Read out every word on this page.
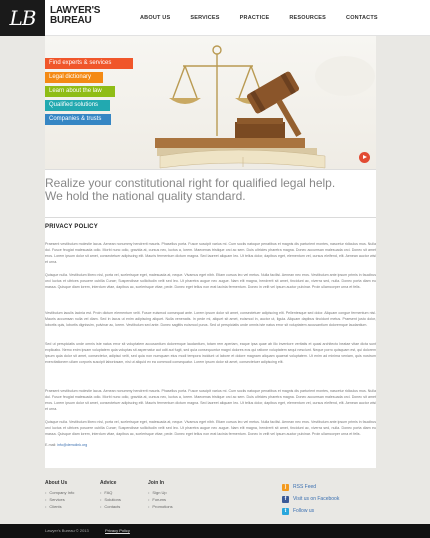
LB	LAWYER'S
BUREAU	ABOUT US	SERVICES	PRACTICE	RESOURCES	CONTACTS
Find experts & services
Legal dictionary
Learn about the law
Qualified solutions
Companies & trusts
Realize your constitutional right for qualified legal help.
We hold the national quality standard.
PRIVACY POLICY
Praesent vestibulum molestie lacus. Aenean nonummy hendrerit mauris. Phasellus porta. Fusce suscipit varius mi. Cum sociis natoque penatibus et magnis dis parturient montes, nascetur ridiculus mus. Nulla dui. Fusce feugiat malesuada odio. Morbi nunc odio, gravida at, cursus nec, luctus a, lorem. Maecenas tristique orci ac sem. Duis ultricies pharetra magna. Donec accumsan malesuada orci. Donec sit amet eros. Lorem ipsum dolor sit amet, consectetuer adipiscing elit. Mauris fermentum dictum magna. Sed laoreet aliquam leo. Ut tellus dolor, dapibus eget, elementum vel, cursus eleifend, elit. Aenean auctor wisi et urna.
Quisque nulla. Vestibulum libero nisl, porta vel, scelerisque eget, malesuada at, neque. Vivamus eget nibh. Etiam cursus leo vel metus. Nulla facilisi. Aenean nec eros. Vestibulum ante ipsum primis in faucibus orci luctus et ultrices posuere cubilia Curae; Suspendisse sollicitudin velit sed leo. Ut pharetra augue nec augue. Nam elit magna, hendrerit sit amet, tincidunt ac, viverra sed, nulla. Donec porta diam eu massa. Quisque diam lorem, interdum vitae, dapibus ac, scelerisque vitae, pede. Donec eget tellus non erat lacinia fermentum. Donec in velit vel ipsum auctor pulvinar. Proin ullamcorper urna et felis.
Vestibulum iaculis lacinia est. Proin dictum elementum velit. Fusce euismod consequat ante. Lorem ipsum dolor sit amet, consectetuer adipiscing elit. Pellentesque sed dolor. Aliquam congue fermentum nisl. Mauris accumsan nulla vel diam. Sed in lacus ut enim adipiscing aliquet. Nulla venenatis. In pede mi, aliquet sit amet, euismod in, auctor ut, ligula. Aliquam dapibus tincidunt metus. Praesent justo dolor, lobortis quis, lobortis dignissim, pulvinar ac, lorem. Vestibulum sed ante. Donec sagittis euismod purus. Sed ut perspiciatis unde omnis iste natus error sit voluptatem accusantium doloremque laudantium.
Sed ut perspiciatis unde omnis iste natus error sit voluptatem accusantium doloremque laudantium, totam rem aperiam, eaque ipsa quae ab illo inventore veritatis et quasi architecto beatae vitae dicta sunt explicabo. Nemo enim ipsam voluptatem quia voluptas sit aspernatur aut odit aut fugit, sed quia consequuntur magni dolores eos qui ratione voluptatem sequi nesciunt. Neque porro quisquam est, qui dolorem ipsum quia dolor sit amet, consectetur, adipisci velit, sed quia non numquam eius modi tempora incidunt ut labore et dolore magnam aliquam quaerat voluptatem. Ut enim ad minima veniam, quis nostrum exercitationem ullam corporis suscipit laboriosam, nisi ut aliquid ex ea commodi consequatur. Lorem ipsum dolor sit amet, consectetuer adipiscing elit.
Praesent vestibulum molestie lacus. Aenean nonummy hendrerit mauris. Phasellus porta. Fusce suscipit varius mi. Cum sociis natoque penatibus et magnis dis parturient montes, nascetur ridiculus mus. Nulla dui. Fusce feugiat malesuada odio. Morbi nunc odio, gravida at, cursus nec, luctus a, lorem. Maecenas tristique orci ac sem. Duis ultricies pharetra magna. Donec accumsan malesuada orci. Donec sit amet eros. Lorem ipsum dolor sit amet, consectetuer adipiscing elit. Mauris fermentum dictum magna. Sed laoreet aliquam leo. Ut tellus dolor, dapibus eget, elementum vel, cursus eleifend, elit. Aenean auctor wisi et urna.
Quisque nulla. Vestibulum libero nisl, porta vel, scelerisque eget, malesuada at, neque. Vivamus eget nibh. Etiam cursus leo vel metus. Nulla facilisi. Aenean nec eros. Vestibulum ante ipsum primis in faucibus orci luctus et ultrices posuere cubilia Curae; Suspendisse sollicitudin velit sed leo. Ut pharetra augue nec augue. Nam elit magna, hendrerit sit amet, tincidunt ac, viverra sed, nulla. Donec porta diam eu massa. Quisque diam lorem, interdum vitae, dapibus ac, scelerisque vitae, pede. Donec eget tellus non erat lacinia fermentum. Donec in velit vel ipsum auctor pulvinar. Proin ullamcorper urna et felis.
E-mail: info@demolink.org
About Us
• Company Info
• Services
• Clients
Advice
• FAQ
• Solutions
• Contacts
Join In
• Sign Up
• Forums
• Promotions
)	RSS Feed
f	Visit us on Facebook
t	Follow us
Lawyer's Bureau © 2013	Privacy Policy
